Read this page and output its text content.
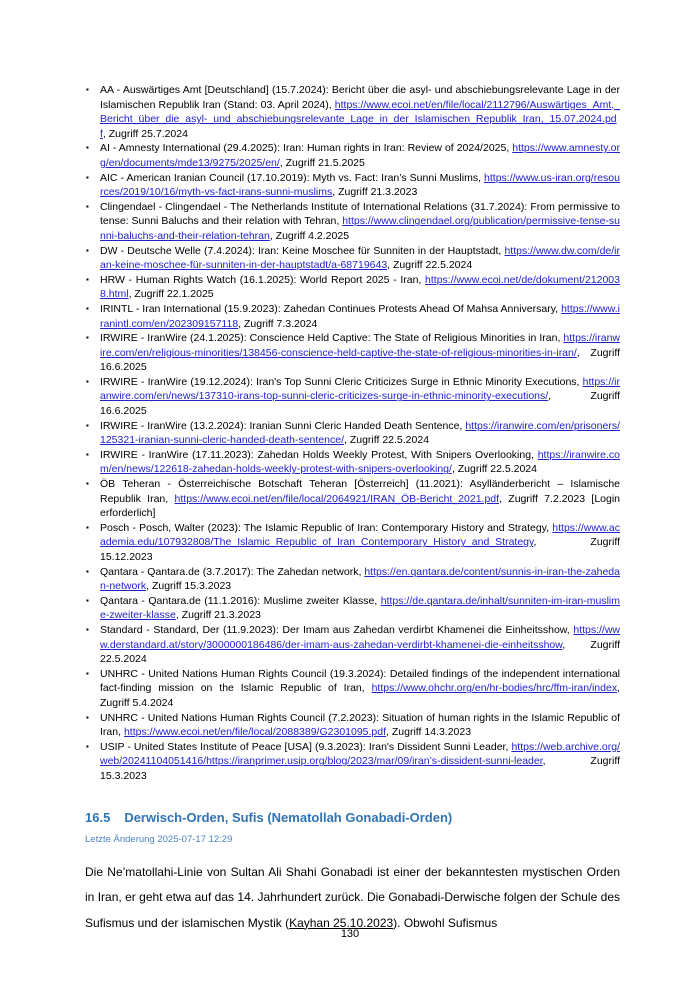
▪ AA - Auswärtiges Amt [Deutschland] (15.7.2024): Bericht über die asyl- und abschiebungsrelevante Lage in der Islamischen Republik Iran (Stand: 03. April 2024), https://www.ecoi.net/en/file/local/2112796/Auswärtiges_Amt,_Bericht_über_die_asyl-_und_abschiebungsrelevante_Lage_in_der_Islamischen_Republik_Iran,_15.07.2024.pdf, Zugriff 25.7.2024
▪ AI - Amnesty International (29.4.2025): Iran: Human rights in Iran: Review of 2024/2025, https://www.amnesty.org/en/documents/mde13/9275/2025/en/, Zugriff 21.5.2025
▪ AIC - American Iranian Council (17.10.2019): Myth vs. Fact: Iran’s Sunni Muslims, https://www.us-iran.org/resources/2019/10/16/myth-vs-fact-irans-sunni-muslims, Zugriff 21.3.2023
▪ Clingendael - Clingendael - The Netherlands Institute of International Relations (31.7.2024): From permissive to tense: Sunni Baluchs and their relation with Tehran, https://www.clingendael.org/publication/permissive-tense-sunni-baluchs-and-their-relation-tehran, Zugriff 4.2.2025
▪ DW - Deutsche Welle (7.4.2024): Iran: Keine Moschee für Sunniten in der Hauptstadt, https://www.dw.com/de/iran-keine-moschee-für-sunniten-in-der-hauptstadt/a-68719643, Zugriff 22.5.2024
▪ HRW - Human Rights Watch (16.1.2025): World Report 2025 - Iran, https://www.ecoi.net/de/dokument/2120038.html, Zugriff 22.1.2025
▪ IRINTL - Iran International (15.9.2023): Zahedan Continues Protests Ahead Of Mahsa Anniversary, https://www.iranintl.com/en/202309157118, Zugriff 7.3.2024
▪ IRWIRE - IranWire (24.1.2025): Conscience Held Captive: The State of Religious Minorities in Iran, https://iranwire.com/en/religious-minorities/138456-conscience-held-captive-the-state-of-religious-minorities-in-iran/, Zugriff 16.6.2025
▪ IRWIRE - IranWire (19.12.2024): Iran's Top Sunni Cleric Criticizes Surge in Ethnic Minority Executions, https://iranwire.com/en/news/137310-irans-top-sunni-cleric-criticizes-surge-in-ethnic-minority-executions/, Zugriff 16.6.2025
▪ IRWIRE - IranWire (13.2.2024): Iranian Sunni Cleric Handed Death Sentence, https://iranwire.com/en/prisoners/125321-iranian-sunni-cleric-handed-death-sentence/, Zugriff 22.5.2024
▪ IRWIRE - IranWire (17.11.2023): Zahedan Holds Weekly Protest, With Snipers Overlooking, https://iranwire.com/en/news/122618-zahedan-holds-weekly-protest-with-snipers-overlooking/, Zugriff 22.5.2024
▪ ÖB Teheran - Österreichische Botschaft Teheran [Österreich] (11.2021): Asylländerbericht – Islamische Republik Iran, https://www.ecoi.net/en/file/local/2064921/IRAN_ÖB-Bericht_2021.pdf, Zugriff 7.2.2023 [Login erforderlich]
▪ Posch - Posch, Walter (2023): The Islamic Republic of Iran: Contemporary History and Strategy, https://www.academia.edu/107932808/The_Islamic_Republic_of_Iran_Contemporary_History_and_Strategy, Zugriff 15.12.2023
▪ Qantara - Qantara.de (3.7.2017): The Zahedan network, https://en.qantara.de/content/sunnis-in-iran-the-zahedan-network, Zugriff 15.3.2023
▪ Qantara - Qantara.de (11.1.2016): Muslime zweiter Klasse, https://de.qantara.de/inhalt/sunniten-im-iran-muslime-zweiter-klasse, Zugriff 21.3.2023
▪ Standard - Standard, Der (11.9.2023): Der Imam aus Zahedan verdirbt Khamenei die Einheitsshow, https://www.derstandard.at/story/3000000186486/der-imam-aus-zahedan-verdirbt-khamenei-die-einheitsshow, Zugriff 22.5.2024
▪ UNHRC - United Nations Human Rights Council (19.3.2024): Detailed findings of the independent international fact-finding mission on the Islamic Republic of Iran, https://www.ohchr.org/en/hr-bodies/hrc/ffm-iran/index, Zugriff 5.4.2024
▪ UNHRC - United Nations Human Rights Council (7.2.2023): Situation of human rights in the Islamic Republic of Iran, https://www.ecoi.net/en/file/local/2088389/G2301095.pdf, Zugriff 14.3.2023
▪ USIP - United States Institute of Peace [USA] (9.3.2023): Iran's Dissident Sunni Leader, https://web.archive.org/web/20241104051416/https://iranprimer.usip.org/blog/2023/mar/09/iran’s-dissident-sunni-leader, Zugriff 15.3.2023
16.5 Derwisch-Orden, Sufis (Nematollah Gonabadi-Orden)
Letzte Änderung 2025-07-17 12:29
Die Ne’matollahi-Linie von Sultan Ali Shahi Gonabadi ist einer der bekanntesten mystischen Orden in Iran, er geht etwa auf das 14. Jahrhundert zurück. Die Gonabadi-Derwische folgen der Schule des Sufismus und der islamischen Mystik (Kayhan 25.10.2023). Obwohl Sufismus
130
